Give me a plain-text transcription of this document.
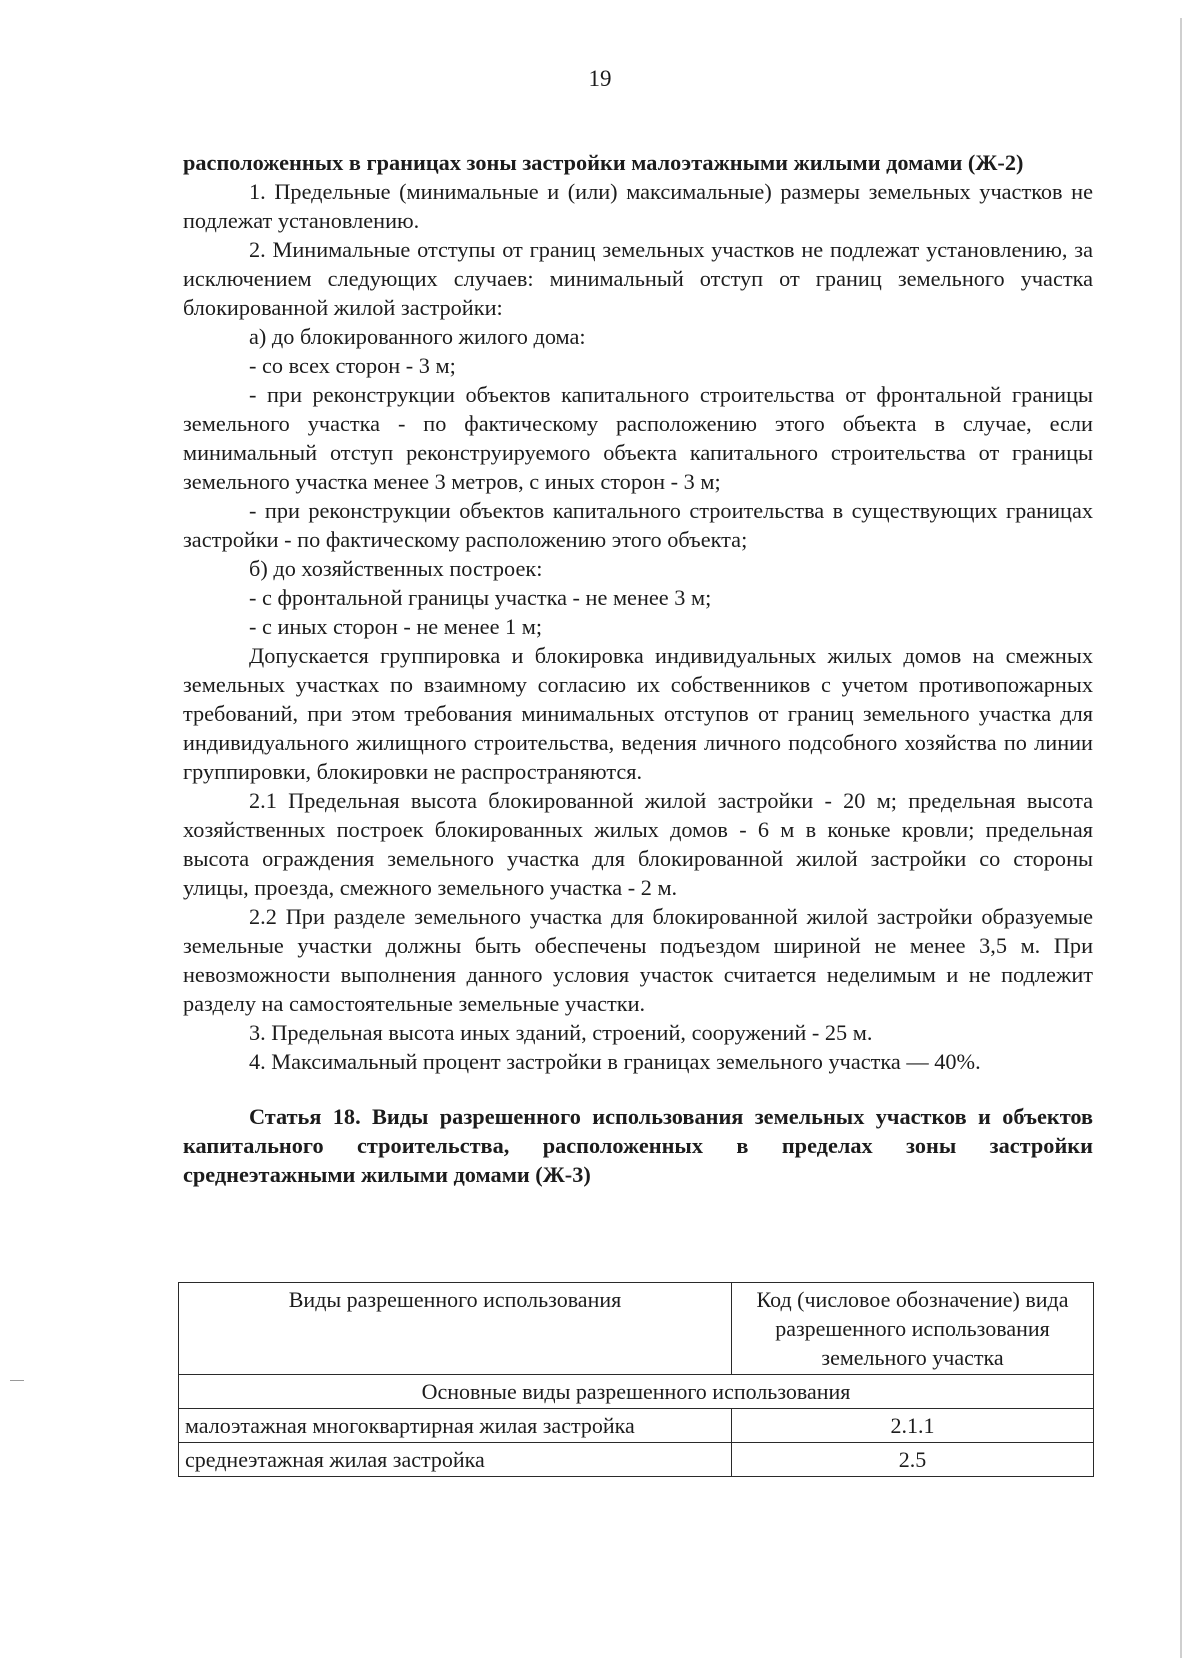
19

расположенных в границах зоны застройки малоэтажными жилыми домами (Ж-2)

1. Предельные (минимальные и (или) максимальные) размеры земельных участков не подлежат установлению.

2. Минимальные отступы от границ земельных участков не подлежат установлению, за исключением следующих случаев: минимальный отступ от границ земельного участка блокированной жилой застройки:

а) до блокированного жилого дома:

- со всех сторон - 3 м;

- при реконструкции объектов капитального строительства от фронтальной границы земельного участка - по фактическому расположению этого объекта в случае, если минимальный отступ реконструируемого объекта капитального строительства от границы земельного участка менее 3 метров, с иных сторон - 3 м;

- при реконструкции объектов капитального строительства в существующих границах застройки - по фактическому расположению этого объекта;

б) до хозяйственных построек:

- с фронтальной границы участка - не менее 3 м;

- с иных сторон - не менее 1 м;

Допускается группировка и блокировка индивидуальных жилых домов на смежных земельных участках по взаимному согласию их собственников с учетом противопожарных требований, при этом требования минимальных отступов от границ земельного участка для индивидуального жилищного строительства, ведения личного подсобного хозяйства по линии группировки, блокировки не распространяются.

2.1 Предельная высота блокированной жилой застройки - 20 м; предельная высота хозяйственных построек блокированных жилых домов - 6 м в коньке кровли; предельная высота ограждения земельного участка для блокированной жилой застройки со стороны улицы, проезда, смежного земельного участка - 2 м.

2.2 При разделе земельного участка для блокированной жилой застройки образуемые земельные участки должны быть обеспечены подъездом шириной не менее 3,5 м. При невозможности выполнения данного условия участок считается неделимым и не подлежит разделу на самостоятельные земельные участки.

3. Предельная высота иных зданий, строений, сооружений - 25 м.

4. Максимальный процент застройки в границах земельного участка — 40%.

Статья 18. Виды разрешенного использования земельных участков и объектов капитального строительства, расположенных в пределах зоны застройки среднеэтажными жилыми домами (Ж-3)

Виды разрешенного использования	Код (числовое обозначение) вида разрешенного использования земельного участка
Основные виды разрешенного использования	
малоэтажная многоквартирная жилая застройка	2.1.1
среднеэтажная жилая застройка	2.5
